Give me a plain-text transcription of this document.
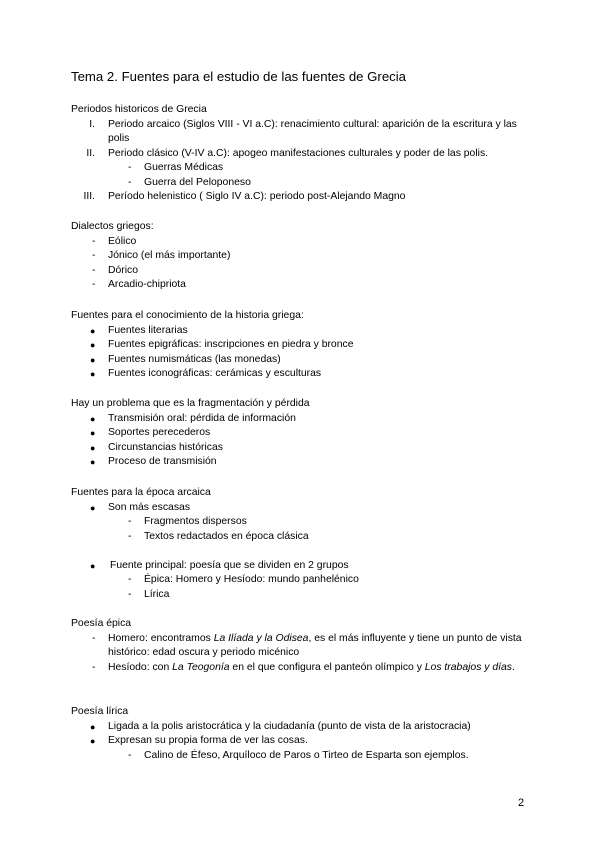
Tema 2. Fuentes para el estudio de las fuentes de Grecia

Periodos historicos de Grecia

I.	Periodo arcaico (Siglos VIII - VI a.C): renacimiento cultural: aparición de la escritura y las polis
II.	Periodo clásico (V-IV a.C): apogeo manifestaciones culturales y poder de las polis.
-	Guerras Médicas
-	Guerra del Peloponeso
III.	Período helenistico ( Siglo IV a.C): periodo post-Alejando Magno

Dialectos griegos:

-	Eólico
-	Jónico (el más importante)
-	Dórico
-	Arcadio-chipriota

Fuentes para el conocimiento de la historia griega:

●	Fuentes literarias
●	Fuentes epigráficas: inscripciones en piedra y bronce
●	Fuentes numismáticas (las monedas)
●	Fuentes iconográficas: cerámicas y esculturas

Hay un problema que es la fragmentación y pérdida

●	Transmisión oral: pérdida de información
●	Soportes perecederos
●	Circunstancias históricas
●	Proceso de transmisión

Fuentes para la época arcaica

●	Son más escasas
-	Fragmentos dispersos
-	Textos redactados en época clásica
●	Fuente principal: poesía que se dividen en 2 grupos
-	Épica: Homero y Hesíodo: mundo panhelénico
-	Lírica

Poesía épica

-	Homero: encontramos La Ilíada y la Odisea, es el más influyente y tiene un punto de vista histórico: edad oscura y periodo micénico
-	Hesíodo: con La Teogonía en el que configura el panteón olímpico y Los trabajos y días.

Poesía lírica

●	Ligada a la polis aristocrática y la ciudadanía (punto de vista de la aristocracia)
●	Expresan su propia forma de ver las cosas.
-	Calino de Éfeso, Arquíloco de Paros o Tirteo de Esparta son ejemplos.
2
